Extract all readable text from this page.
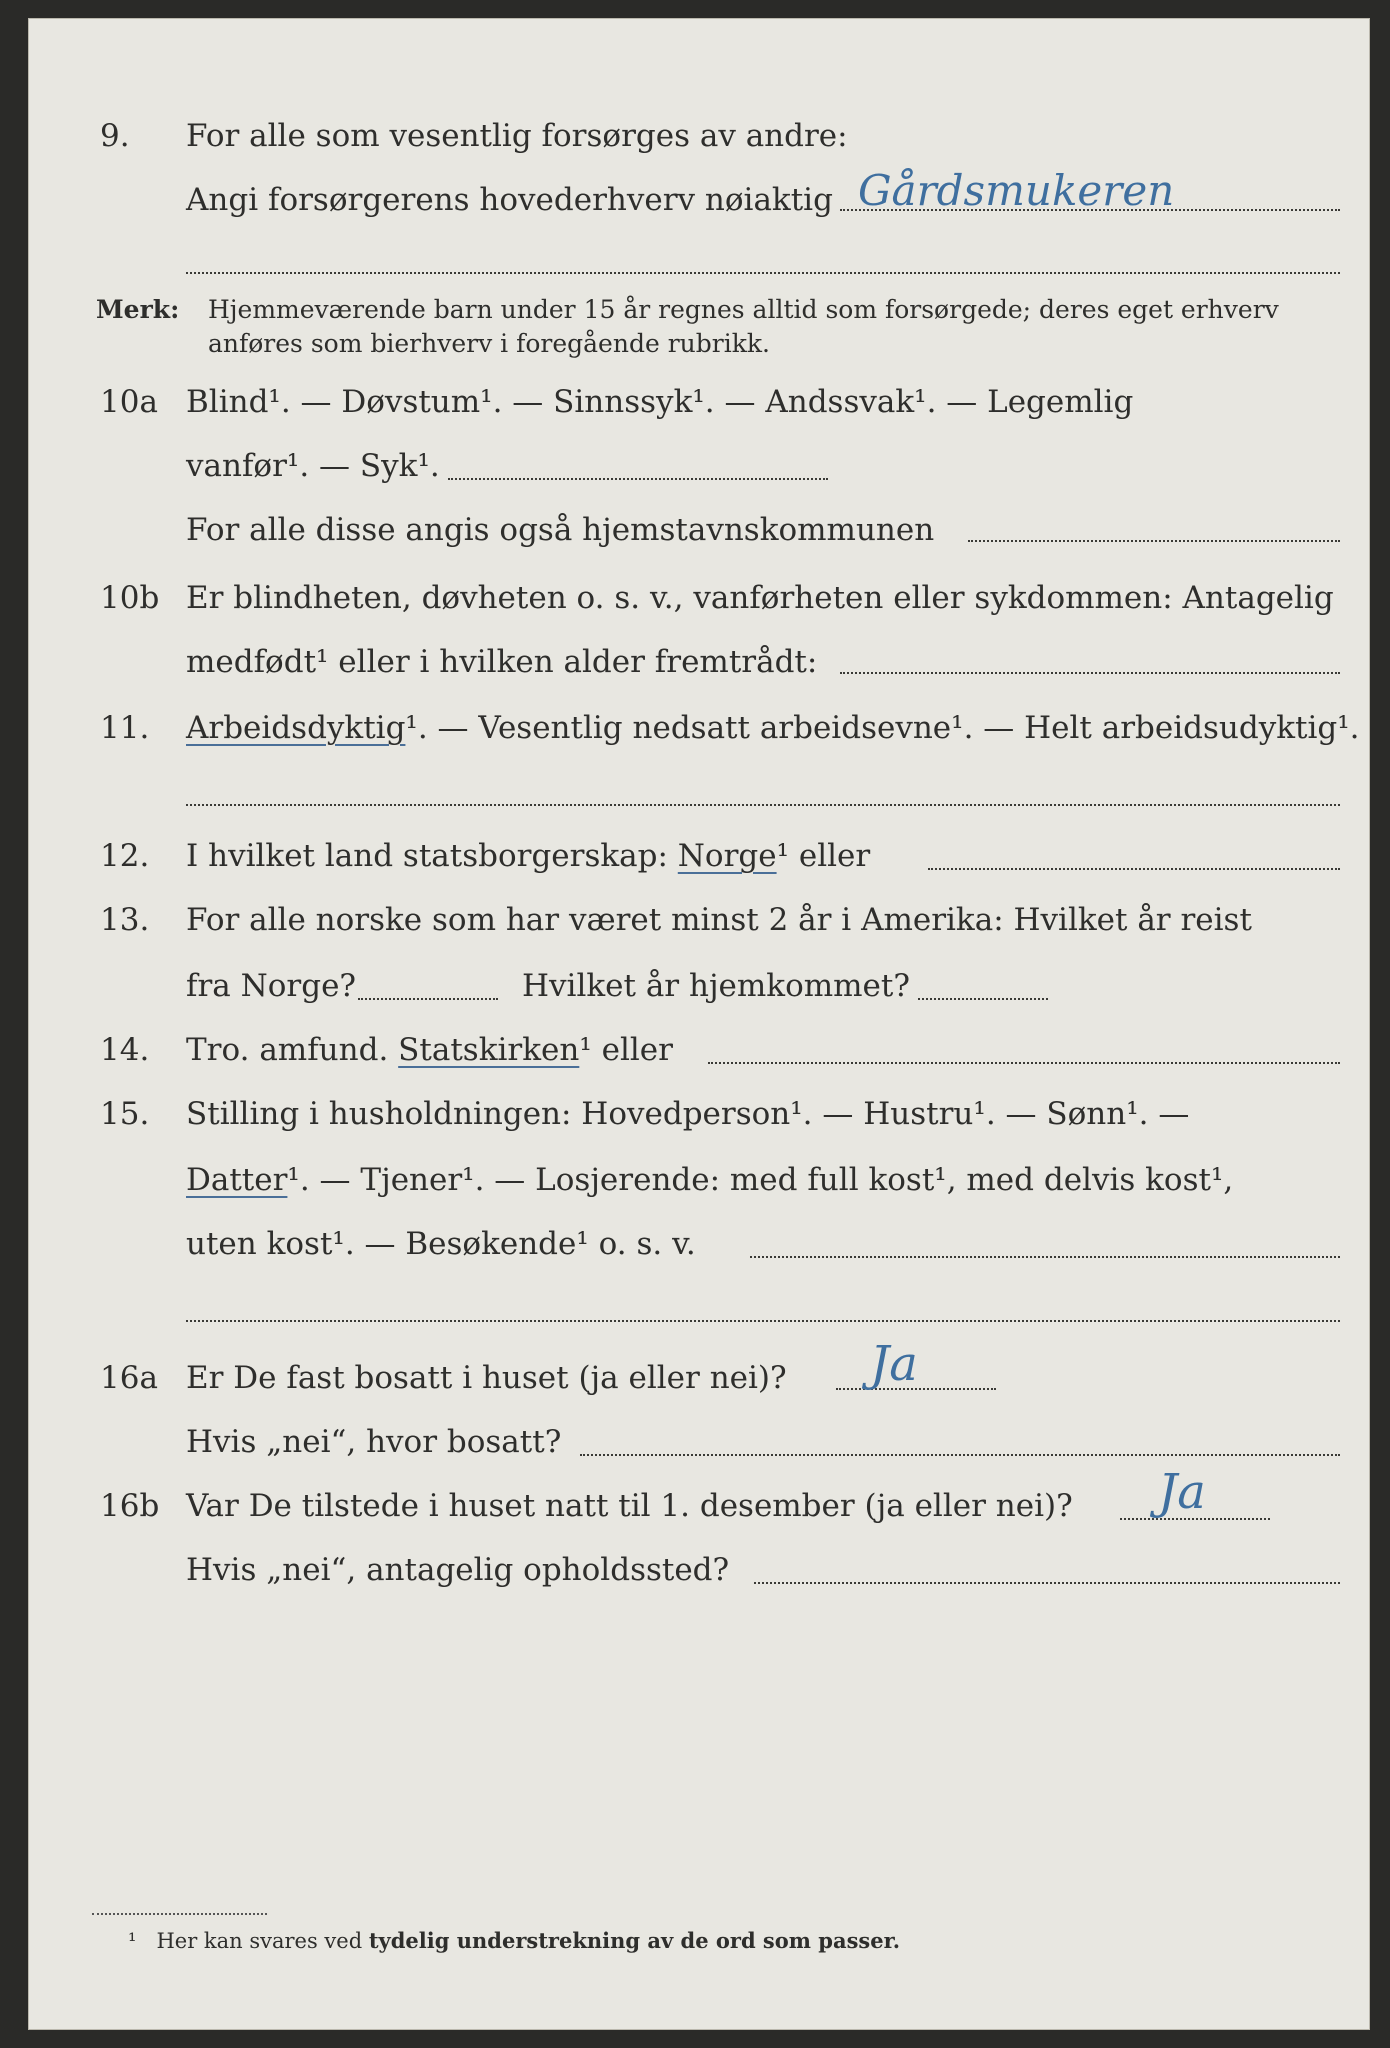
9. For alle som vesentlig forsørges av andre:
Angi forsørgerens hovederhverv nøiaktig Gårdsmukeren
Merk: Hjemmeværende barn under 15 år regnes alltid som forsørgede; deres eget erhverv
anføres som bierhverv i foregående rubrikk.
10a Blind¹. — Døvstum¹. — Sinnssyk¹. — Andssvak¹. — Legemlig
vanfør¹. — Syk¹.
For alle disse angis også hjemstavnskommunen
10b Er blindheten, døvheten o. s. v., vanførheten eller sykdommen: Antagelig
medfødt¹ eller i hvilken alder fremtrådt:
11. Arbeidsdyktig¹. — Vesentlig nedsatt arbeidsevne¹. — Helt arbeidsudyktig¹.
12. I hvilket land statsborgerskap: Norge¹ eller
13. For alle norske som har været minst 2 år i Amerika: Hvilket år reist
fra Norge?	Hvilket år hjemkommet?
14. Tro. amfund. Statskirken¹ eller
15. Stilling i husholdningen: Hovedperson¹. — Hustru¹. — Sønn¹. —
Datter¹. — Tjener¹. — Losjerende: med full kost¹, med delvis kost¹,
uten kost¹. — Besøkende¹ o. s. v.
16a Er De fast bosatt i huset (ja eller nei)? Ja
Hvis „nei“, hvor bosatt?
16b Var De tilstede i huset natt til 1. desember (ja eller nei)? Ja
Hvis „nei“, antagelig opholdssted?
¹ Her kan svares ved tydelig understrekning av de ord som passer.
